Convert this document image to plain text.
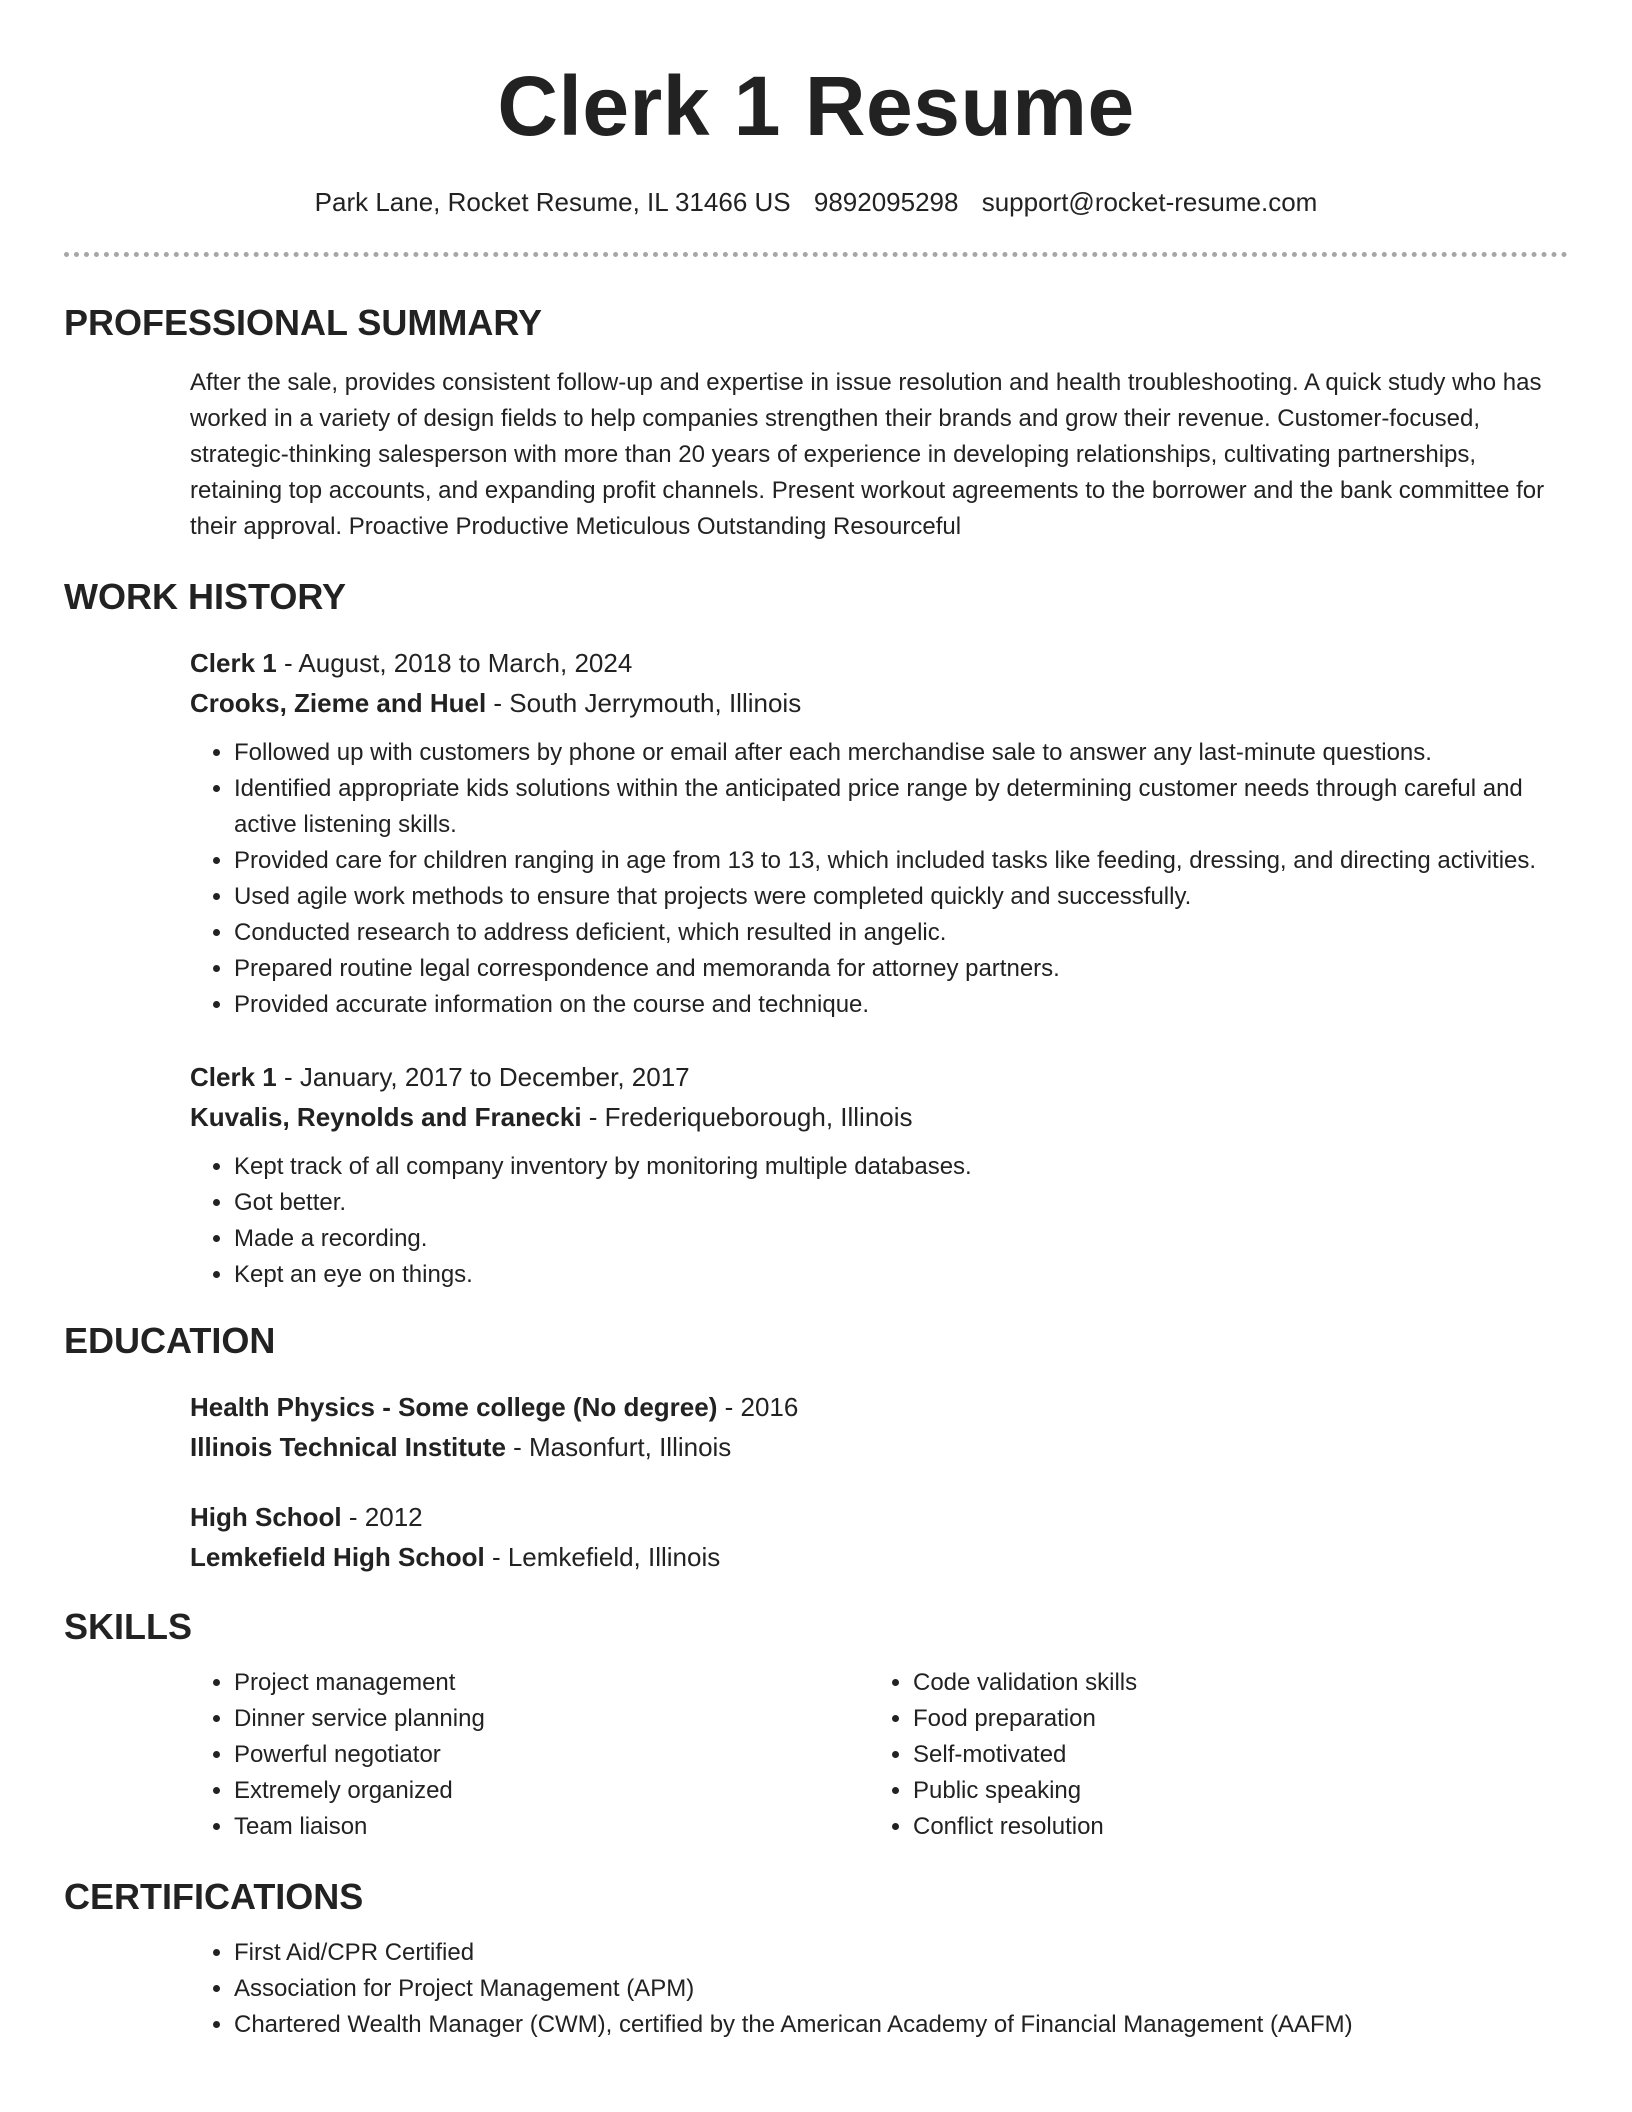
Clerk 1 Resume
Park Lane, Rocket Resume, IL 31466 US 9892095298 support@rocket-resume.com
PROFESSIONAL SUMMARY
After the sale, provides consistent follow-up and expertise in issue resolution and health troubleshooting. A quick study who has worked in a variety of design fields to help companies strengthen their brands and grow their revenue. Customer-focused, strategic-thinking salesperson with more than 20 years of experience in developing relationships, cultivating partnerships, retaining top accounts, and expanding profit channels. Present workout agreements to the borrower and the bank committee for their approval. Proactive Productive Meticulous Outstanding Resourceful
WORK HISTORY
Clerk 1 - August, 2018 to March, 2024
Crooks, Zieme and Huel - South Jerrymouth, Illinois
• Followed up with customers by phone or email after each merchandise sale to answer any last-minute questions.
• Identified appropriate kids solutions within the anticipated price range by determining customer needs through careful and active listening skills.
• Provided care for children ranging in age from 13 to 13, which included tasks like feeding, dressing, and directing activities.
• Used agile work methods to ensure that projects were completed quickly and successfully.
• Conducted research to address deficient, which resulted in angelic.
• Prepared routine legal correspondence and memoranda for attorney partners.
• Provided accurate information on the course and technique.
Clerk 1 - January, 2017 to December, 2017
Kuvalis, Reynolds and Franecki - Frederiqueborough, Illinois
• Kept track of all company inventory by monitoring multiple databases.
• Got better.
• Made a recording.
• Kept an eye on things.
EDUCATION
Health Physics - Some college (No degree) - 2016
Illinois Technical Institute - Masonfurt, Illinois
High School - 2012
Lemkefield High School - Lemkefield, Illinois
SKILLS
• Project management
• Dinner service planning
• Powerful negotiator
• Extremely organized
• Team liaison
• Code validation skills
• Food preparation
• Self-motivated
• Public speaking
• Conflict resolution
CERTIFICATIONS
• First Aid/CPR Certified
• Association for Project Management (APM)
• Chartered Wealth Manager (CWM), certified by the American Academy of Financial Management (AAFM)
